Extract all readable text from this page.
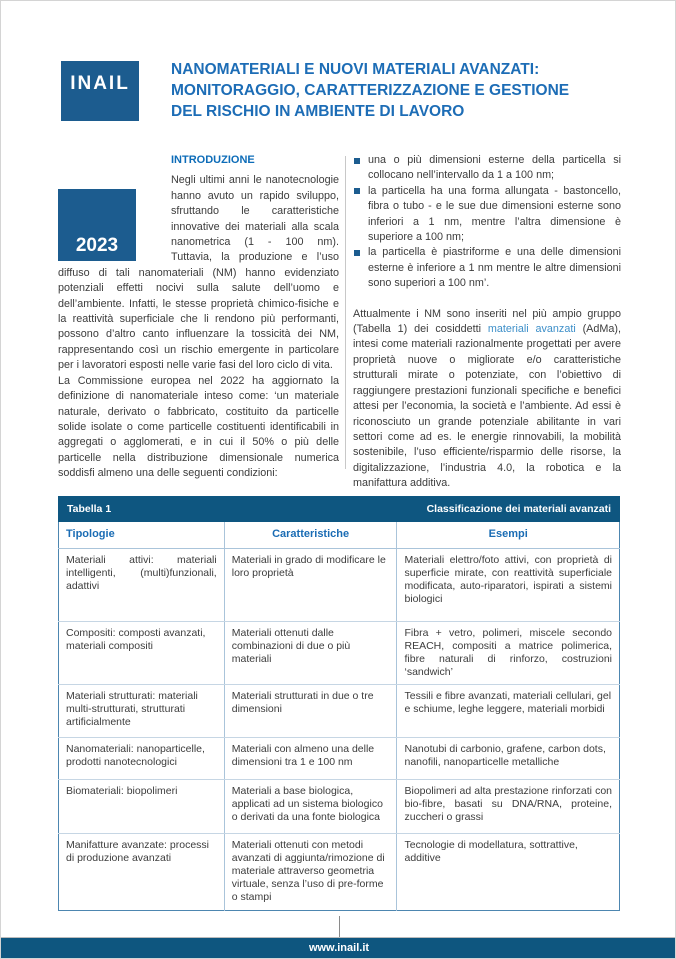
INAIL
NANOMATERIALI E NUOVI MATERIALI AVANZATI:
MONITORAGGIO, CARATTERIZZAZIONE E GESTIONE
DEL RISCHIO IN AMBIENTE DI LAVORO
2023
INTRODUZIONE

Negli ultimi anni le nanotecnologie hanno avuto un rapido sviluppo, sfruttando le caratteristiche innovative dei materiali alla scala nanometrica (1 - 100 nm). Tuttavia, la produzione e l’uso diffuso di tali nanomateriali (NM) hanno evidenziato potenziali effetti nocivi sulla salute dell’uomo e dell’ambiente. Infatti, le stesse proprietà chimico-fisiche e la reattività superficiale che li rendono più performanti, possono d’altro canto influenzare la tossicità dei NM, rappresentando così un rischio emergente in particolare per i lavoratori esposti nelle varie fasi del loro ciclo di vita.

La Commissione europea nel 2022 ha aggiornato la definizione di nanomateriale inteso come: ‘un materiale naturale, derivato o fabbricato, costituito da particelle solide isolate o come particelle costituenti identificabili in aggregati o agglomerati, e in cui il 50% o più delle particelle nella distribuzione dimensionale numerica soddisfi almeno una delle seguenti condizioni:

una o più dimensioni esterne della particella si collocano nell’intervallo da 1 a 100 nm;
la particella ha una forma allungata - bastoncello, fibra o tubo - e le sue due dimensioni esterne sono inferiori a 1 nm, mentre l’altra dimensione è superiore a 100 nm;
la particella è piastriforme e una delle dimensioni esterne è inferiore a 1 nm mentre le altre dimensioni sono superiori a 100 nm’.

Attualmente i NM sono inseriti nel più ampio gruppo (Tabella 1) dei cosiddetti materiali avanzati (AdMa), intesi come materiali razionalmente progettati per avere proprietà nuove o migliorate e/o caratteristiche strutturali mirate o potenziate, con l’obiettivo di raggiungere prestazioni funzionali specifiche e benefici attesi per l’economia, la società e l’ambiente. Ad essi è riconosciuto un grande potenziale abilitante in vari settori come ad es. le energie rinnovabili, la mobilità sostenibile, l’uso efficiente/risparmio delle risorse, la digitalizzazione, l’industria 4.0, la robotica e la manifattura additiva.

Tabella 1	Classificazione dei materiali avanzati
Tipologie	Caratteristiche	Esempi
Materiali attivi: materiali intelligenti, (multi)funzionali, adattivi	Materiali in grado di modificare le loro proprietà	Materiali elettro/foto attivi, con proprietà di superficie mirate, con reattività superficiale modificata, auto-riparatori, ispirati a sistemi biologici
Compositi: composti avanzati, materiali compositi	Materiali ottenuti dalle combinazioni di due o più materiali	Fibra + vetro, polimeri, miscele secondo REACH, compositi a matrice polimerica, fibre naturali di rinforzo, costruzioni ‘sandwich’
Materiali strutturati: materiali multi-strutturati, strutturati artificialmente	Materiali strutturati in due o tre dimensioni	Tessili e fibre avanzati, materiali cellulari, gel e schiume, leghe leggere, materiali morbidi
Nanomateriali: nanoparticelle, prodotti nanotecnologici	Materiali con almeno una delle dimensioni tra 1 e 100 nm	Nanotubi di carbonio, grafene, carbon dots, nanofili, nanoparticelle metalliche
Biomateriali: biopolimeri	Materiali a base biologica, applicati ad un sistema biologico o derivati da una fonte biologica	Biopolimeri ad alta prestazione rinforzati con bio-fibre, basati su DNA/RNA, proteine, zuccheri o grassi
Manifatture avanzate: processi di produzione avanzati	Materiali ottenuti con metodi avanzati di aggiunta/rimozione di materiale attraverso geometria virtuale, senza l’uso di pre-forme o stampi	Tecnologie di modellatura, sottrattive, additive
www.inail.it
